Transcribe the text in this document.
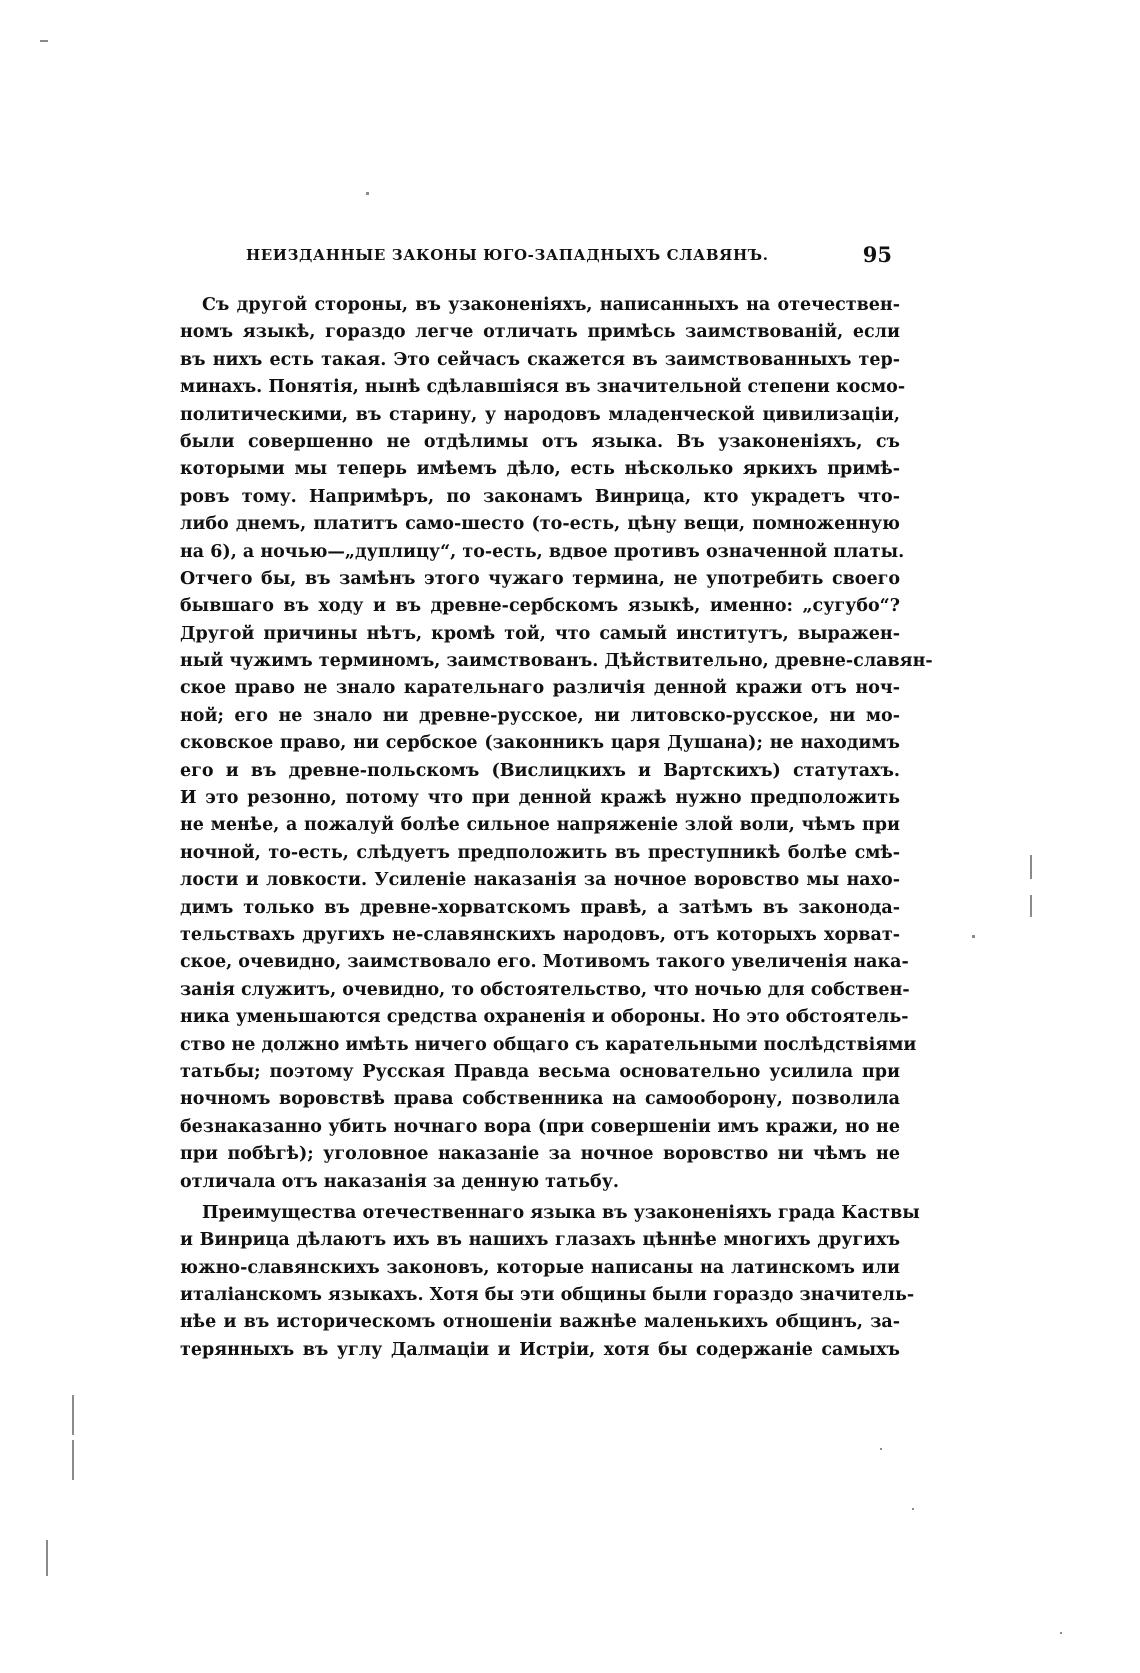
НЕИЗДАННЫЕ ЗАКОНЫ ЮГО-ЗАПАДНЫХЪ СЛАВЯНЪ.	95
Съ другой стороны, въ узаконеніяхъ, написанныхъ на отечествен-
номъ языкѣ, гораздо легче отличать примѣсь заимствованій, если
въ нихъ есть такая. Это сейчасъ скажется въ заимствованныхъ тер-
минахъ. Понятія, нынѣ сдѣлавшіяся въ значительной степени космо-
политическими, въ старину, у народовъ младенческой цивилизаціи,
были совершенно не отдѣлимы отъ языка. Въ узаконеніяхъ, съ
которыми мы теперь имѣемъ дѣло, есть нѣсколько яркихъ примѣ-
ровъ тому. Напримѣръ, по законамъ Винрица, кто украдетъ что-
либо днемъ, платитъ само-шесто (то-есть, цѣну вещи, помноженную
на 6), а ночью—„дуплицу“, то-есть, вдвое противъ означенной платы.
Отчего бы, въ замѣнъ этого чужаго термина, не употребить своего
бывшаго въ ходу и въ древне-сербскомъ языкѣ, именно: „сугубо“?
Другой причины нѣтъ, кромѣ той, что самый институтъ, выражен-
ный чужимъ терминомъ, заимствованъ. Дѣйствительно, древне-славян-
ское право не знало карательнаго различія денной кражи отъ ноч-
ной; его не знало ни древне-русское, ни литовско-русское, ни мо-
сковское право, ни сербское (законникъ царя Душана); не находимъ
его и въ древне-польскомъ (Вислицкихъ и Вартскихъ) статутахъ.
И это резонно, потому что при денной кражѣ нужно предположить
не менѣе, а пожалуй болѣе сильное напряженіе злой воли, чѣмъ при
ночной, то-есть, слѣдуетъ предположить въ преступникѣ болѣе смѣ-
лости и ловкости. Усиленіе наказанія за ночное воровство мы нахо-
димъ только въ древне-хорватскомъ правѣ, а затѣмъ въ законода-
тельствахъ другихъ не-славянскихъ народовъ, отъ которыхъ хорват-
ское, очевидно, заимствовало его. Мотивомъ такого увеличенія нака-
занія служитъ, очевидно, то обстоятельство, что ночью для собствен-
ника уменьшаются средства охраненія и обороны. Но это обстоятель-
ство не должно имѣть ничего общаго съ карательными послѣдствіями
татьбы; поэтому Русская Правда весьма основательно усилила при
ночномъ воровствѣ права собственника на самооборону, позволила
безнаказанно убить ночнаго вора (при совершеніи имъ кражи, но не
при побѣгѣ); уголовное наказаніе за ночное воровство ни чѣмъ не
отличала отъ наказанія за денную татьбу.
Преимущества отечественнаго языка въ узаконеніяхъ града Каствы
и Винрица дѣлаютъ ихъ въ нашихъ глазахъ цѣннѣе многихъ другихъ
южно-славянскихъ законовъ, которые написаны на латинскомъ или
италіанскомъ языкахъ. Хотя бы эти общины были гораздо значитель-
нѣе и въ историческомъ отношеніи важнѣе маленькихъ общинъ, за-
терянныхъ въ углу Далмаціи и Истріи, хотя бы содержаніе самыхъ
